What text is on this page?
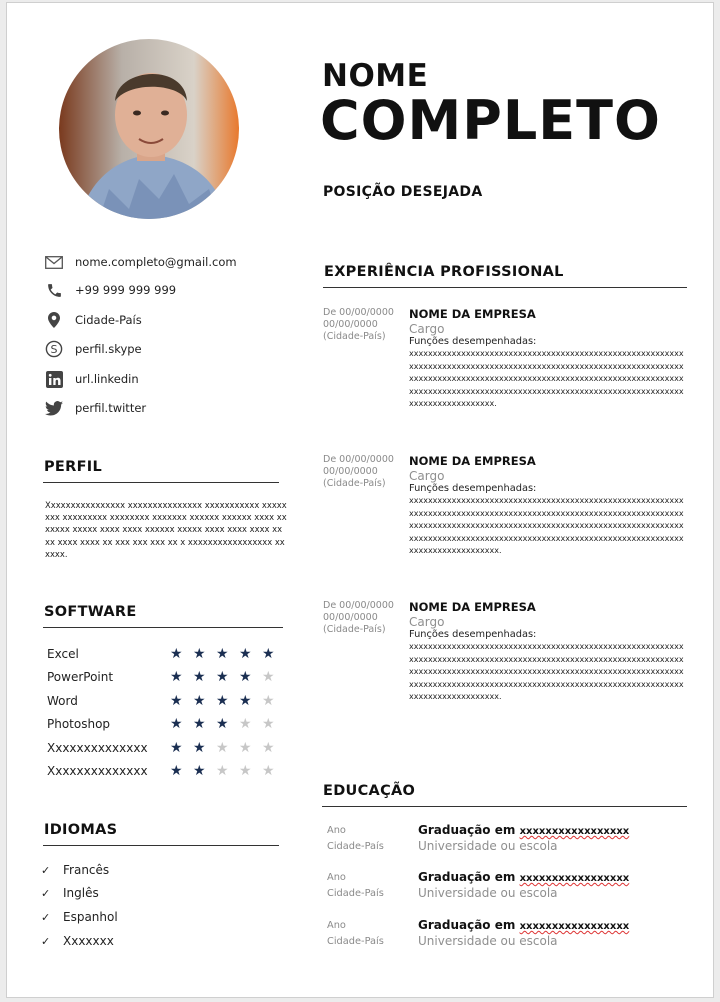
NOME
COMPLETO
POSIÇÃO DESEJADA
nome.completo@gmail.com
+99 999 999 999
Cidade-País
S perfil.skype
url.linkedin
perfil.twitter
PERFIL
Xxxxxxxxxxxxxxxx xxxxxxxxxxxxxxx xxxxxxxxxxx xxxxxxxx xxxxxxxxx xxxxxxxx xxxxxxx xxxxxx xxxxxx xxxx xxxxxxx xxxxx xxxx xxxx xxxxxx xxxxx xxxx xxxx xxxx xxxx xxxx xxxx xx xxx xxx xxx xx x xxxxxxxxxxxxxxxxx xxxxxx.
SOFTWARE
Excel	★ ★ ★ ★ ★
PowerPoint	★ ★ ★ ★ ★
Word	★ ★ ★ ★ ★
Photoshop	★ ★ ★ ★ ★
Xxxxxxxxxxxxxx	★ ★ ★ ★ ★
Xxxxxxxxxxxxxx	★ ★ ★ ★ ★
IDIOMAS
✓	Francês
✓	Inglês
✓	Espanhol
✓	Xxxxxxx
EXPERIÊNCIA PROFISSIONAL
De 00/00/0000
00/00/0000
(Cidade-País)
NOME DA EMPRESA
Cargo
Funções desempenhadas:
xxxxxxxxxxxxxxxxxxxxxxxxxxxxxxxxxxxxxxxxxxxxxxxxxxxxxxxxxxxxxxxxxxxxxxxxxxxxxxxxxxxxxxxxxxxxxxxxxxxxxxxxxxxxxxxxxxxxxxxxxxxxxxxxxxxxxxxxxxxxxxxxxxxxxxxxxxxxxxxxxxxxxxxxxxxxxxxxxxxxxxxxxxxxxxxxxxxxxxxxxxxxxxxxxxxxxxxxxxxxxxxxxxxxxxxxxxxxxxxxxxxxxxxxxx.
De 00/00/0000
00/00/0000
(Cidade-País)
NOME DA EMPRESA
Cargo
Funções desempenhadas:
xxxxxxxxxxxxxxxxxxxxxxxxxxxxxxxxxxxxxxxxxxxxxxxxxxxxxxxxxxxxxxxxxxxxxxxxxxxxxxxxxxxxxxxxxxxxxxxxxxxxxxxxxxxxxxxxxxxxxxxxxxxxxxxxxxxxxxxxxxxxxxxxxxxxxxxxxxxxxxxxxxxxxxxxxxxxxxxxxxxxxxxxxxxxxxxxxxxxxxxxxxxxxxxxxxxxxxxxxxxxxxxxxxxxxxxxxxxxxxxxxxxxxxxxxxx.
De 00/00/0000
00/00/0000
(Cidade-País)
NOME DA EMPRESA
Cargo
Funções desempenhadas:
xxxxxxxxxxxxxxxxxxxxxxxxxxxxxxxxxxxxxxxxxxxxxxxxxxxxxxxxxxxxxxxxxxxxxxxxxxxxxxxxxxxxxxxxxxxxxxxxxxxxxxxxxxxxxxxxxxxxxxxxxxxxxxxxxxxxxxxxxxxxxxxxxxxxxxxxxxxxxxxxxxxxxxxxxxxxxxxxxxxxxxxxxxxxxxxxxxxxxxxxxxxxxxxxxxxxxxxxxxxxxxxxxxxxxxxxxxxxxxxxxxxxxxxxxxx.
EDUCAÇÃO
Ano
Cidade-País
Graduação em xxxxxxxxxxxxxxxxx
Universidade ou escola
Ano
Cidade-País
Graduação em xxxxxxxxxxxxxxxxx
Universidade ou escola
Ano
Cidade-País
Graduação em xxxxxxxxxxxxxxxxx
Universidade ou escola
